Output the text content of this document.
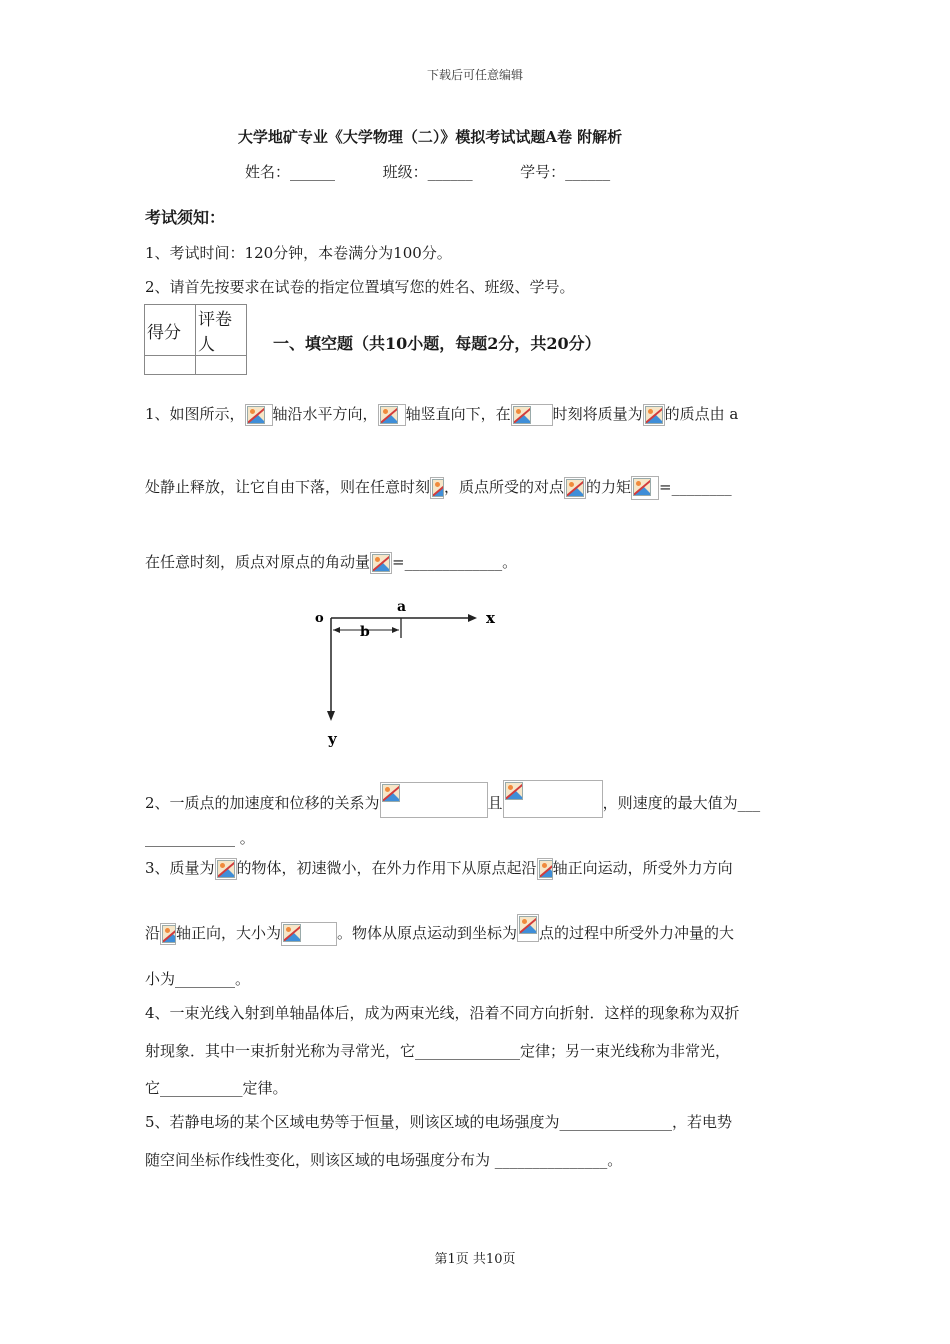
下载后可任意编辑
大学地矿专业《大学物理（二）》模拟考试试题A卷 附解析
姓名：______	班级：______	学号：______
考试须知：
1、考试时间：120分钟，本卷满分为100分。
2、请首先按要求在试卷的指定位置填写您的姓名、班级、学号。
得分	评卷人
		一、填空题（共10小题，每题2分，共20分）
1、如图所示， 轴沿水平方向， 轴竖直向下，在	时刻将质量为 的质点由 a
处静止释放，让它自由下落，则在任意时刻 ，质点所受的对点 的力矩 =________
在任意时刻，质点对原点的角动量 =_____________。
o
a
b
x
y
2、一质点的加速度和位移的关系为	且	，则速度的最大值为___
____________ 。
3、质量为 的物体，初速微小，在外力作用下从原点起沿 轴正向运动，所受外力方向
沿 轴正向，大小为	。物体从原点运动到坐标为 点的过程中所受外力冲量的大
小为________。
4、一束光线入射到单轴晶体后，成为两束光线，沿着不同方向折射．这样的现象称为双折
射现象．其中一束折射光称为寻常光，它______________定律；另一束光线称为非常光，
它___________定律。
5、若静电场的某个区域电势等于恒量，则该区域的电场强度为_______________，若电势
随空间坐标作线性变化，则该区域的电场强度分布为 _______________。
第1页 共10页
